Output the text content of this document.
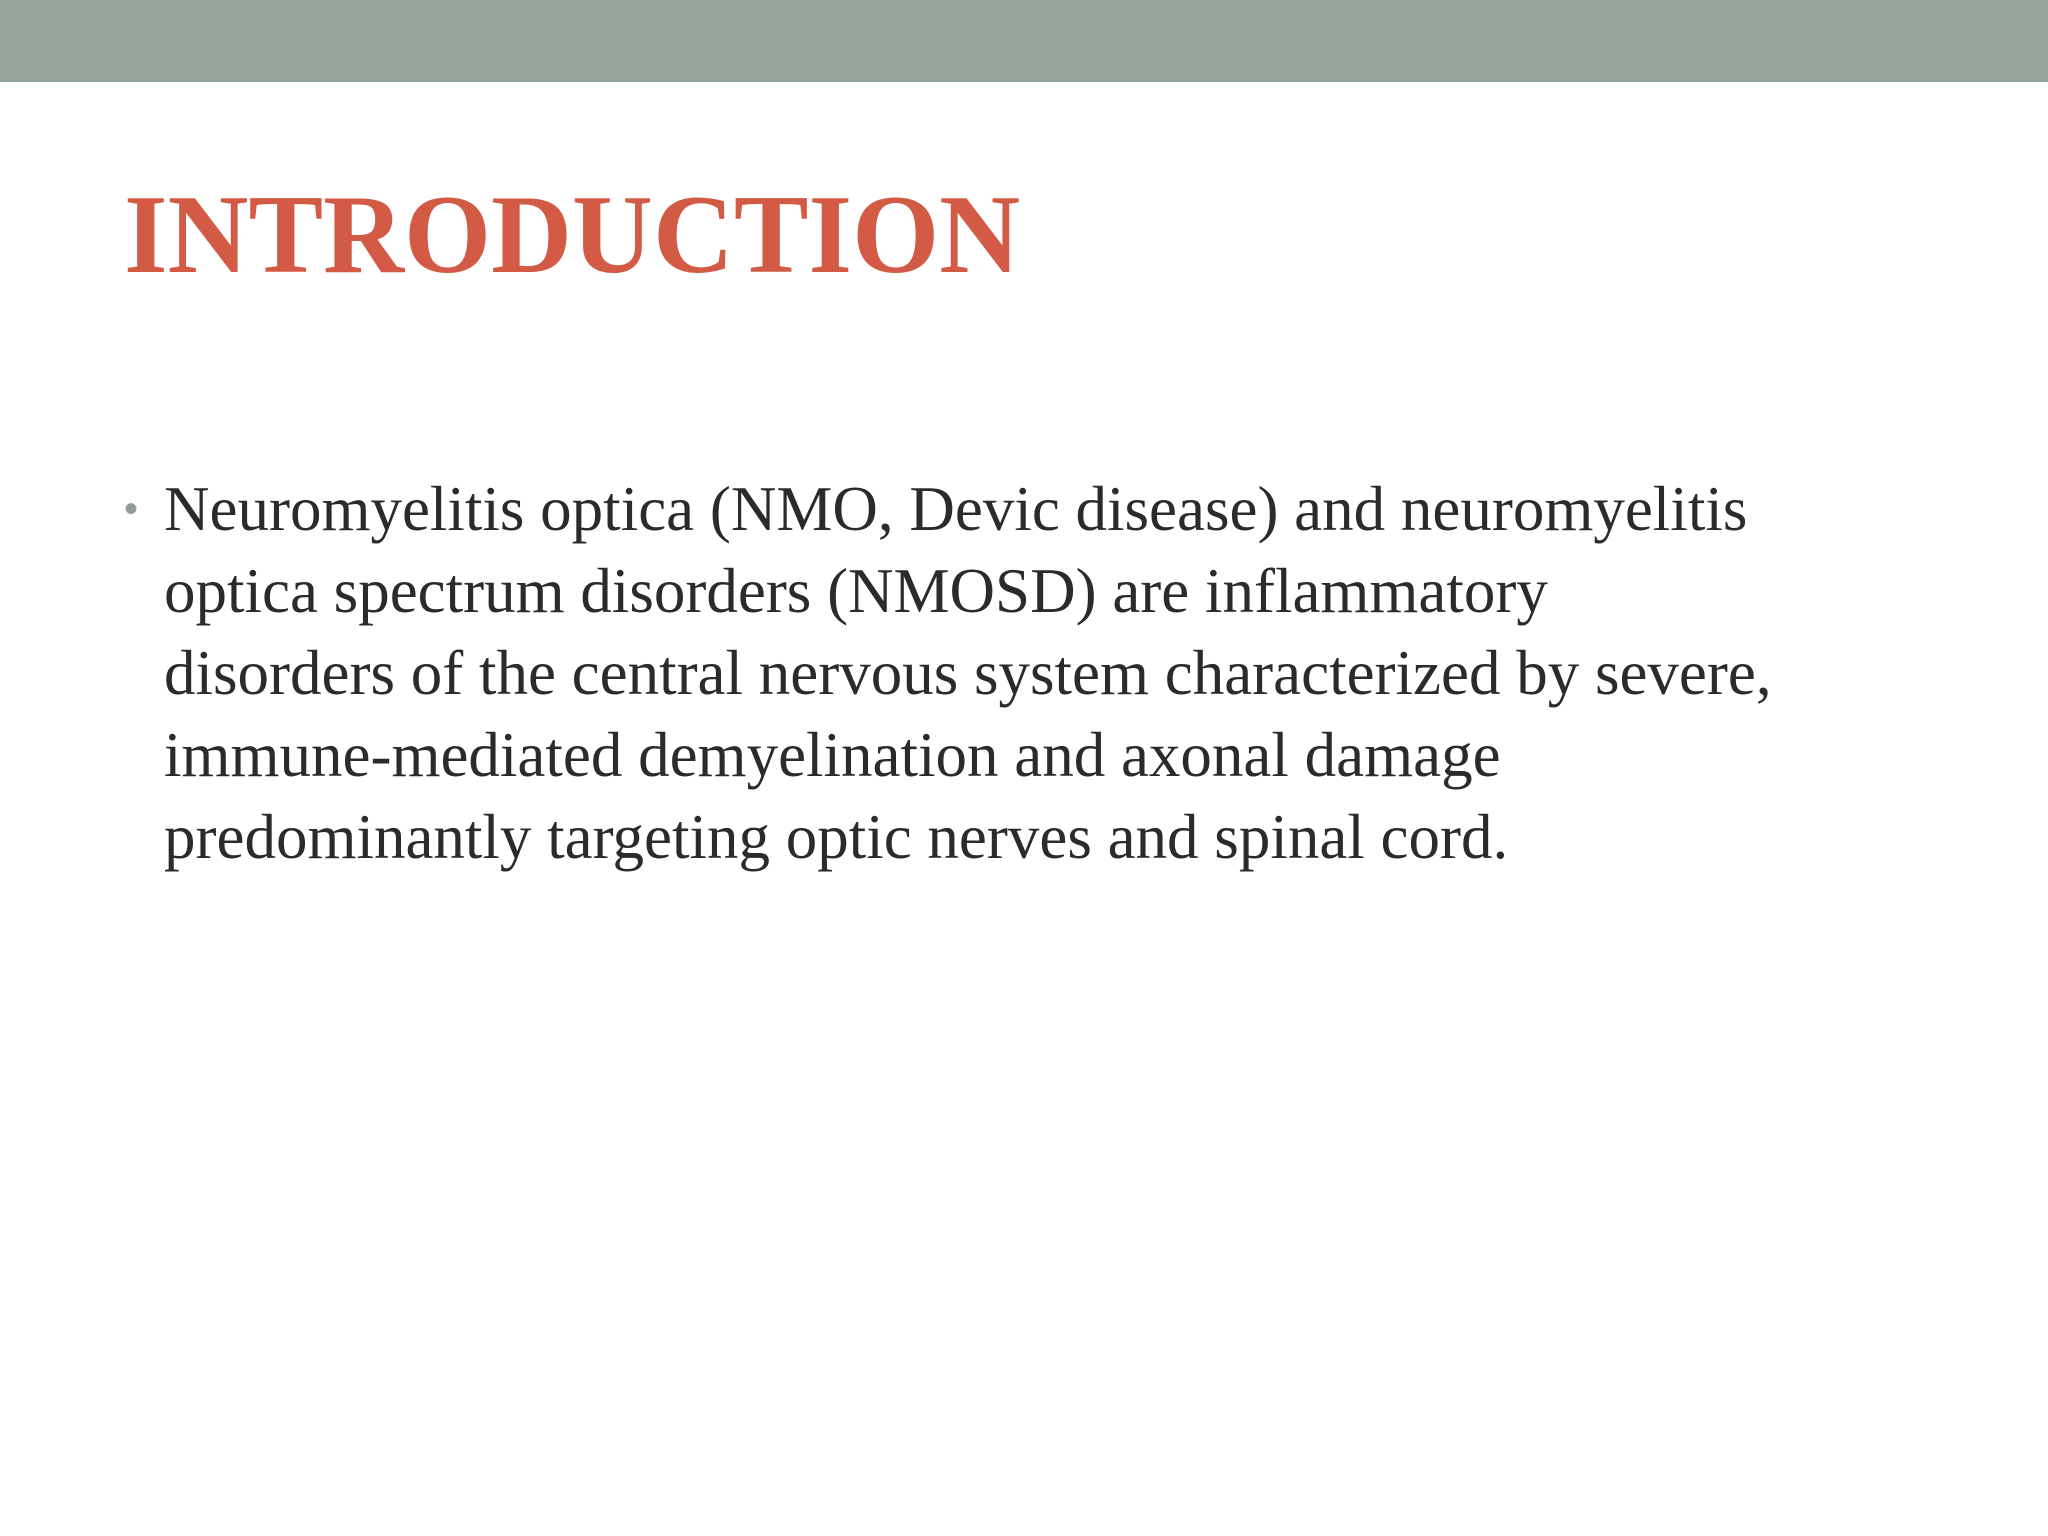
INTRODUCTION
• Neuromyelitis optica (NMO, Devic disease) and neuromyelitis
optica spectrum disorders (NMOSD) are inflammatory
disorders of the central nervous system characterized by severe,
immune-mediated demyelination and axonal damage
predominantly targeting optic nerves and spinal cord.
